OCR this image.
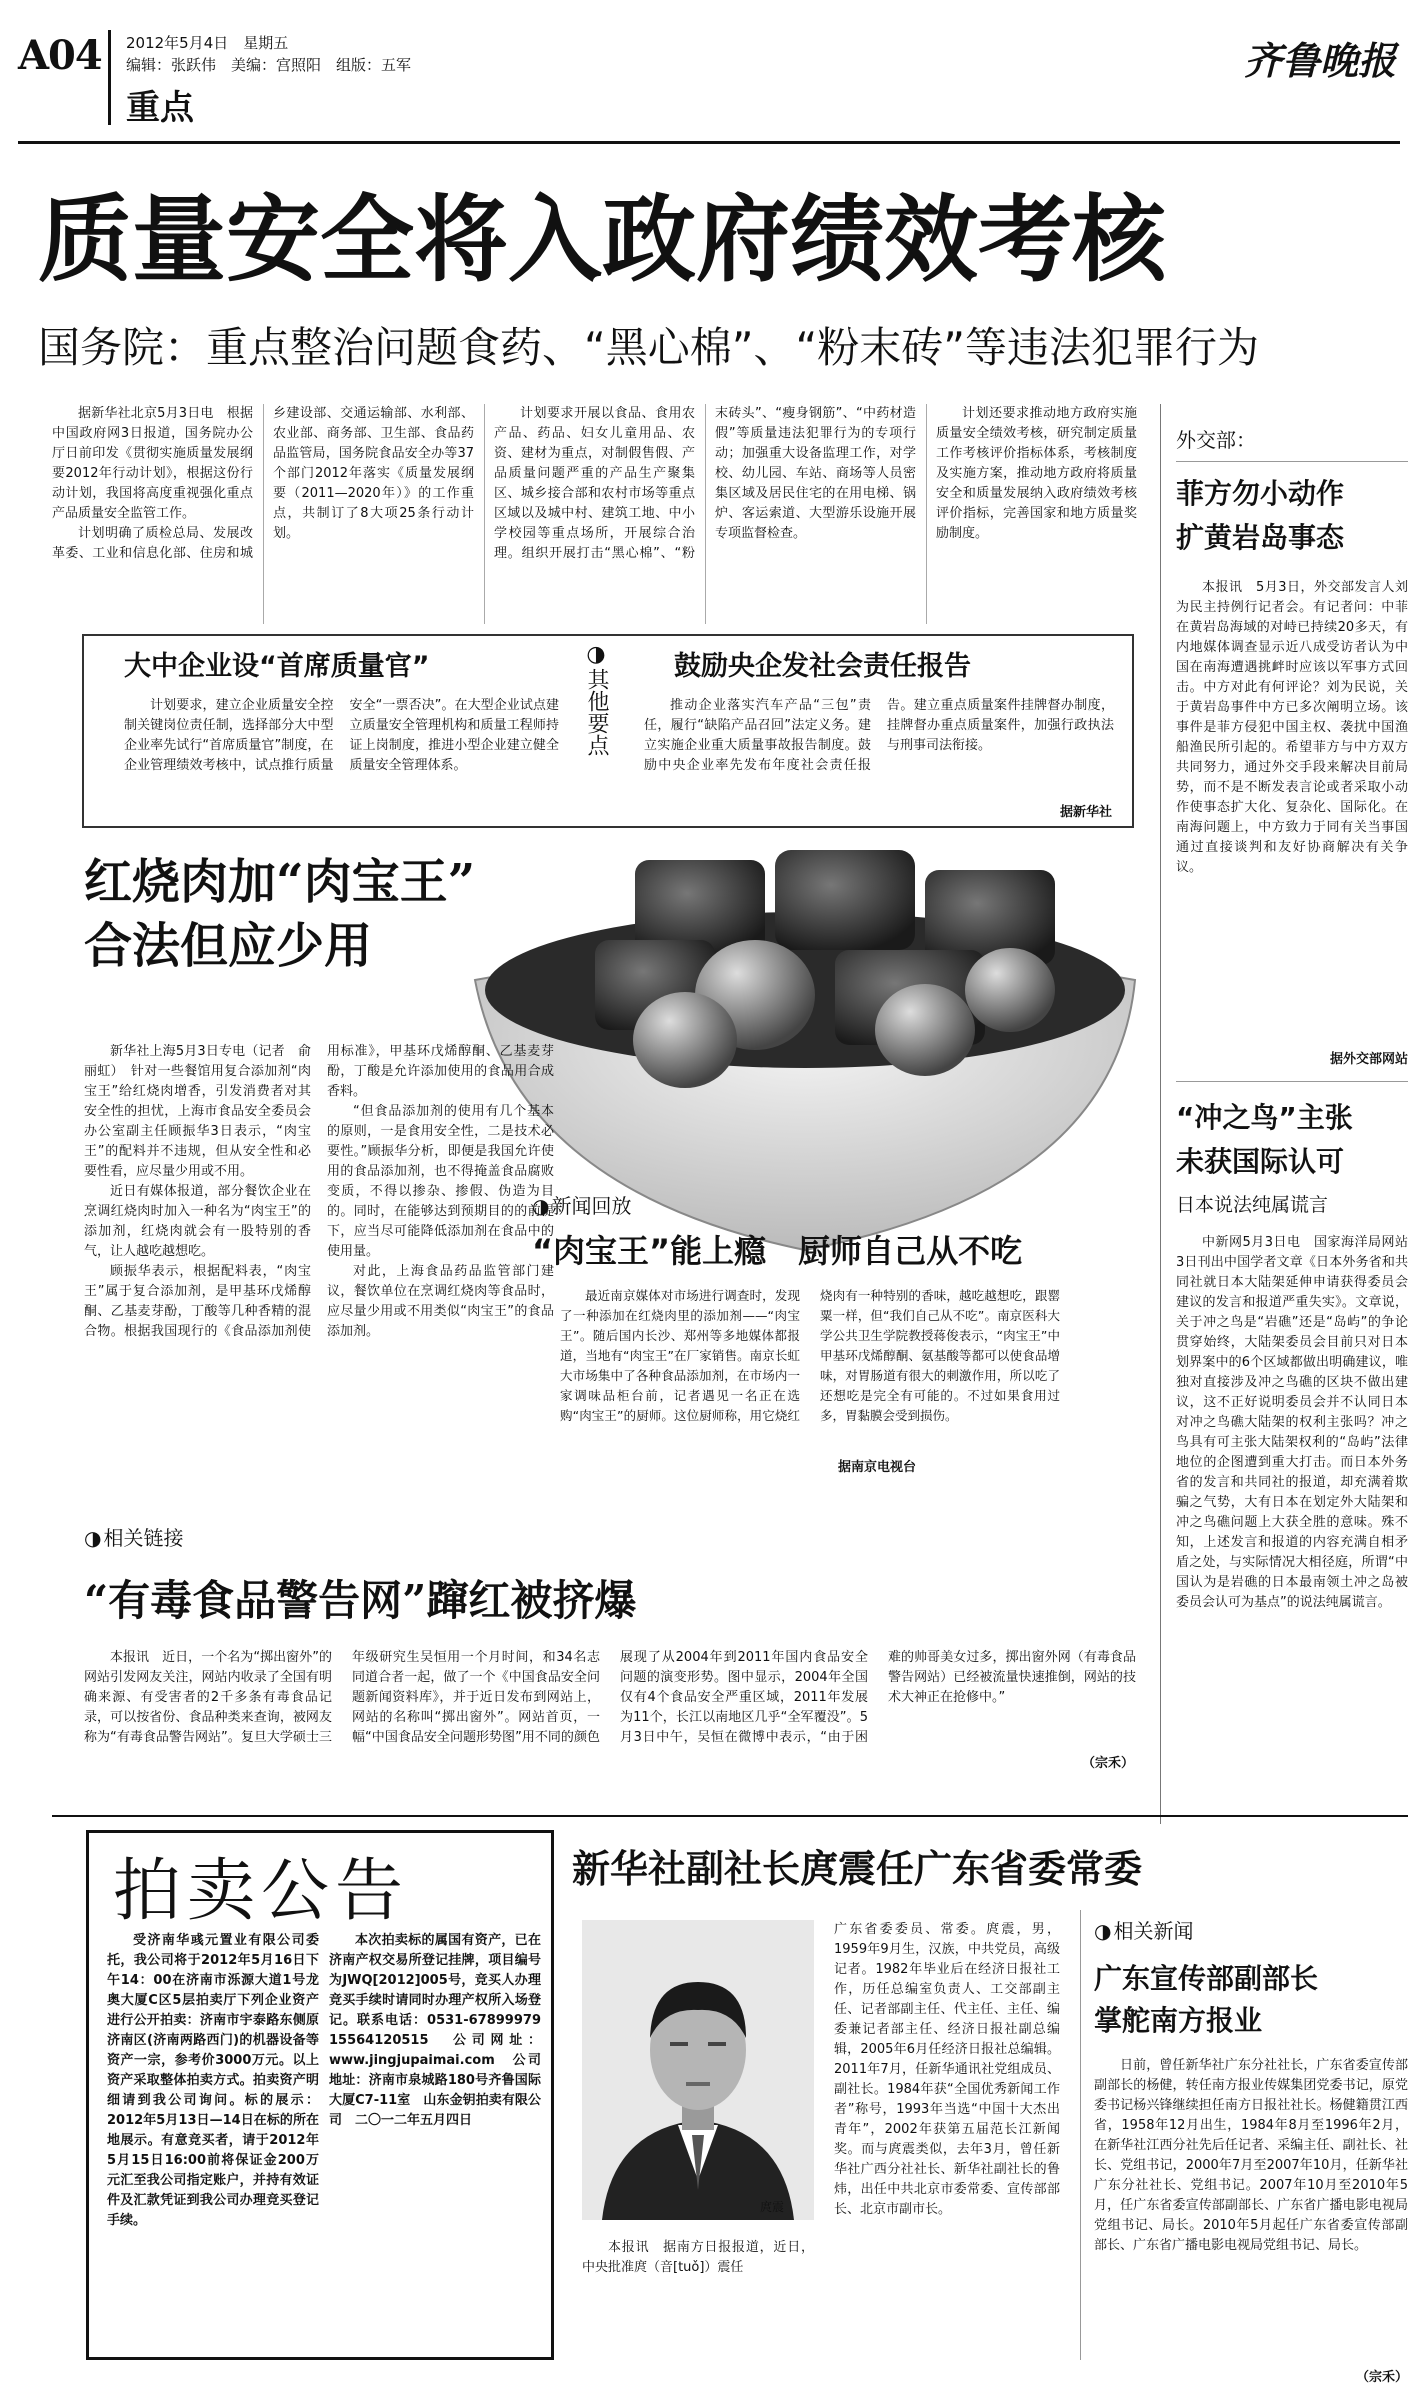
A04 2012年5月4日　星期五
编辑：张跃伟　美编：宫照阳　组版：五军
重点
齐鲁晚报
质量安全将入政府绩效考核
国务院：重点整治问题食药、“黑心棉”、“粉末砖”等违法犯罪行为

据新华社北京5月3日电　根据中国政府网3日报道，国务院办公厅日前印发《贯彻实施质量发展纲要2012年行动计划》，根据这份行动计划，我国将高度重视强化重点产品质量安全监管工作。

计划明确了质检总局、发展改革委、工业和信息化部、住房和城乡建设部、交通运输部、水利部、农业部、商务部、卫生部、食品药品监管局，国务院食品安全办等37个部门2012年落实《质量发展纲要（2011—2020年）》的工作重点，共制订了8大项25条行动计划。

计划要求开展以食品、食用农产品、药品、妇女儿童用品、农资、建材为重点，对制假售假、产品质量问题严重的产品生产聚集区、城乡接合部和农村市场等重点区域以及城中村、建筑工地、中小学校园等重点场所，开展综合治理。组织开展打击“黑心棉”、“粉末砖头”、“瘦身钢筋”、“中药材造假”等质量违法犯罪行为的专项行动；加强重大设备监理工作，对学校、幼儿园、车站、商场等人员密集区域及居民住宅的在用电梯、锅炉、客运索道、大型游乐设施开展专项监督检查。

计划还要求推动地方政府实施质量安全绩效考核，研究制定质量工作考核评价指标体系，考核制度及实施方案，推动地方政府将质量安全和质量发展纳入政府绩效考核评价指标，完善国家和地方质量奖励制度。

大中企业设“首席质量官”

计划要求，建立企业质量安全控制关键岗位责任制，选择部分大中型企业率先试行“首席质量官”制度，在企业管理绩效考核中，试点推行质量安全“一票否决”。在大型企业试点建立质量安全管理机构和质量工程师持证上岗制度，推进小型企业建立健全质量安全管理体系。

◑
其他要点
鼓励央企发社会责任报告

推动企业落实汽车产品“三包”责任，履行“缺陷产品召回”法定义务。建立实施企业重大质量事故报告制度。鼓励中央企业率先发布年度社会责任报告。建立重点质量案件挂牌督办制度，挂牌督办重点质量案件，加强行政执法与刑事司法衔接。

据新华社
红烧肉加“肉宝王”
合法但应少用

新华社上海5月3日专电（记者　俞丽虹）　针对一些餐馆用复合添加剂“肉宝王”给红烧肉增香，引发消费者对其安全性的担忧，上海市食品安全委员会办公室副主任顾振华3日表示，“肉宝王”的配料并不违规，但从安全性和必要性看，应尽量少用或不用。

近日有媒体报道，部分餐饮企业在烹调红烧肉时加入一种名为“肉宝王”的添加剂，红烧肉就会有一股特别的香气，让人越吃越想吃。

顾振华表示，根据配料表，“肉宝王”属于复合添加剂，是甲基环戊烯醇酮、乙基麦芽酚，丁酸等几种香精的混合物。根据我国现行的《食品添加剂使用标准》，甲基环戊烯醇酮、乙基麦芽酚，丁酸是允许添加使用的食品用合成香料。

“但食品添加剂的使用有几个基本的原则，一是食用安全性，二是技术必要性。”顾振华分析，即便是我国允许使用的食品添加剂，也不得掩盖食品腐败变质，不得以掺杂、掺假、伪造为目的。同时，在能够达到预期目的的前提下，应当尽可能降低添加剂在食品中的使用量。

对此，上海食品药品监管部门建议，餐饮单位在烹调红烧肉等食品时，应尽量少用或不用类似“肉宝王”的食品添加剂。

◑ 新闻回放
“肉宝王”能上瘾　厨师自己从不吃

最近南京媒体对市场进行调查时，发现了一种添加在红烧肉里的添加剂——“肉宝王”。随后国内长沙、郑州等多地媒体都报道，当地有“肉宝王”在厂家销售。南京长虹大市场集中了各种食品添加剂，在市场内一家调味品柜台前，记者遇见一名正在选购“肉宝王”的厨师。这位厨师称，用它烧红烧肉有一种特别的香味，越吃越想吃，跟罂粟一样，但“我们自己从不吃”。南京医科大学公共卫生学院教授蒋俊表示，“肉宝王”中甲基环戊烯醇酮、氨基酸等都可以使食品增味，对胃肠道有很大的刺激作用，所以吃了还想吃是完全有可能的。不过如果食用过多，胃黏膜会受到损伤。

据南京电视台
◑ 相关链接
“有毒食品警告网”蹿红被挤爆

本报讯　近日，一个名为“掷出窗外”的网站引发网友关注，网站内收录了全国有明确来源、有受害者的2千多条有毒食品记录，可以按省份、食品种类来查询，被网友称为“有毒食品警告网站”。复旦大学硕士三年级研究生吴恒用一个月时间，和34名志同道合者一起，做了一个《中国食品安全问题新闻资料库》，并于近日发布到网站上，网站的名称叫“掷出窗外”。网站首页，一幅“中国食品安全问题形势图”用不同的颜色展现了从2004年到2011年国内食品安全问题的演变形势。图中显示，2004年全国仅有4个食品安全严重区域，2011年发展为11个，长江以南地区几乎“全军覆没”。5月3日中午，吴恒在微博中表示，“由于困难的帅哥美女过多，掷出窗外网（有毒食品警告网站）已经被流量快速推倒，网站的技术大神正在抢修中。”

（宗禾）
外交部：
菲方勿小动作
扩黄岩岛事态

本报讯　5月3日，外交部发言人刘为民主持例行记者会。有记者问：中菲在黄岩岛海域的对峙已持续20多天，有内地媒体调查显示近八成受访者认为中国在南海遭遇挑衅时应该以军事方式回击。中方对此有何评论？刘为民说，关于黄岩岛事件中方已多次阐明立场。该事件是菲方侵犯中国主权、袭扰中国渔船渔民所引起的。希望菲方与中方双方共同努力，通过外交手段来解决目前局势，而不是不断发表言论或者采取小动作使事态扩大化、复杂化、国际化。在南海问题上，中方致力于同有关当事国通过直接谈判和友好协商解决有关争议。

据外交部网站
“冲之鸟”主张
未获国际认可
日本说法纯属谎言

中新网5月3日电　国家海洋局网站3日刊出中国学者文章《日本外务省和共同社就日本大陆架延伸申请获得委员会建议的发言和报道严重失实》。文章说，关于冲之鸟是“岩礁”还是“岛屿”的争论贯穿始终，大陆架委员会目前只对日本划界案中的6个区域都做出明确建议，唯独对直接涉及冲之鸟礁的区块不做出建议，这不正好说明委员会并不认同日本对冲之鸟礁大陆架的权利主张吗？冲之鸟具有可主张大陆架权利的“岛屿”法律地位的企图遭到重大打击。而日本外务省的发言和共同社的报道，却充满着欺骗之气势，大有日本在划定外大陆架和冲之鸟礁问题上大获全胜的意味。殊不知，上述发言和报道的内容充满自相矛盾之处，与实际情况大相径庭，所谓“中国认为是岩礁的日本最南领土冲之岛被委员会认可为基点”的说法纯属谎言。

拍卖公告

受济南华彧元置业有限公司委托，我公司将于2012年5月16日下午14：00在济南市泺源大道1号龙奥大厦C区5层拍卖厅下列企业资产进行公开拍卖：济南市宇泰路东侧原济南区(济南两路西门)的机器设备等资产一宗，参考价3000万元。以上资产采取整体拍卖方式。拍卖资产明细请到我公司询问。标的展示：2012年5月13日—14日在标的所在地展示。有意竞买者，请于2012年5月15日16:00前将保证金200万元汇至我公司指定账户，并持有效证件及汇款凭证到我公司办理竞买登记手续。

本次拍卖标的属国有资产，已在济南产权交易所登记挂牌，项目编号为JWQ[2012]005号，竞买人办理竞买手续时请同时办理产权所入场登记。联系电话：0531-67899979　15564120515　公司网址：www.jingjupaimai.com　公司地址：济南市泉城路180号齐鲁国际大厦C7-11室　山东金钥拍卖有限公司　二〇一二年五月四日

新华社副社长庹震任广东省委常委
庹震

本报讯　据南方日报报道，近日，中央批准庹（音[tuǒ]）震任

广东省委委员、常委。庹震，男，1959年9月生，汉族，中共党员，高级记者。1982年毕业后在经济日报社工作，历任总编室负责人、工交部副主任、记者部副主任、代主任、主任、编委兼记者部主任、经济日报社副总编辑，2005年6月任经济日报社总编辑。2011年7月，任新华通讯社党组成员、副社长。1984年获“全国优秀新闻工作者”称号，1993年当选“中国十大杰出青年”，2002年获第五届范长江新闻奖。而与庹震类似，去年3月，曾任新华社广西分社社长、新华社副社长的鲁炜，出任中共北京市委常委、宣传部部长、北京市副市长。

◑ 相关新闻
广东宣传部副部长
掌舵南方报业

日前，曾任新华社广东分社社长，广东省委宣传部副部长的杨健，转任南方报业传媒集团党委书记，原党委书记杨兴锋继续担任南方日报社社长。杨健籍贯江西省，1958年12月出生，1984年8月至1996年2月，在新华社江西分社先后任记者、采编主任、副社长、社长、党组书记，2000年7月至2007年10月，任新华社广东分社社长、党组书记。2007年10月至2010年5月，任广东省委宣传部副部长、广东省广播电影电视局党组书记、局长。2010年5月起任广东省委宣传部副部长、广东省广播电影电视局党组书记、局长。

（宗禾）
